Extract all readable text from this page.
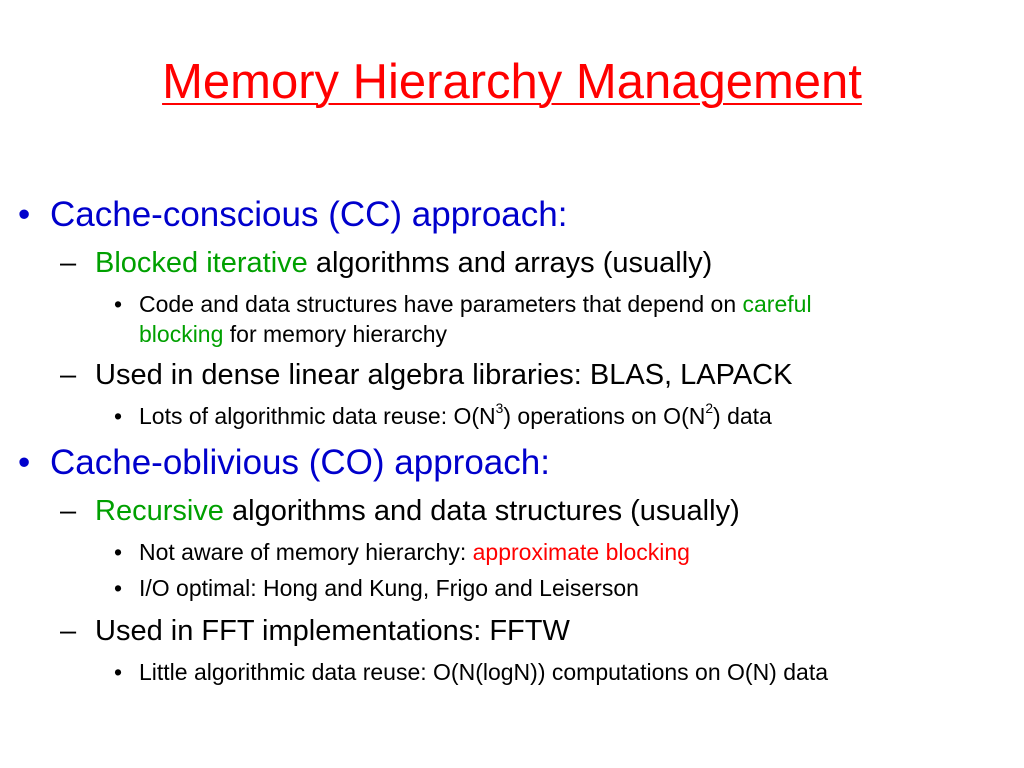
Memory Hierarchy Management
• Cache-conscious (CC) approach:
– Blocked iterative algorithms and arrays (usually)
• Code and data structures have parameters that depend on careful
blocking for memory hierarchy
– Used in dense linear algebra libraries: BLAS, LAPACK
• Lots of algorithmic data reuse: $O(N^3)$ operations on $O(N^2)$ data
• Cache-oblivious (CO) approach:
– Recursive algorithms and data structures (usually)
• Not aware of memory hierarchy: approximate blocking
• I/O optimal: Hong and Kung, Frigo and Leiserson
– Used in FFT implementations: FFTW
• Little algorithmic data reuse: O(N(logN)) computations on O(N) data
